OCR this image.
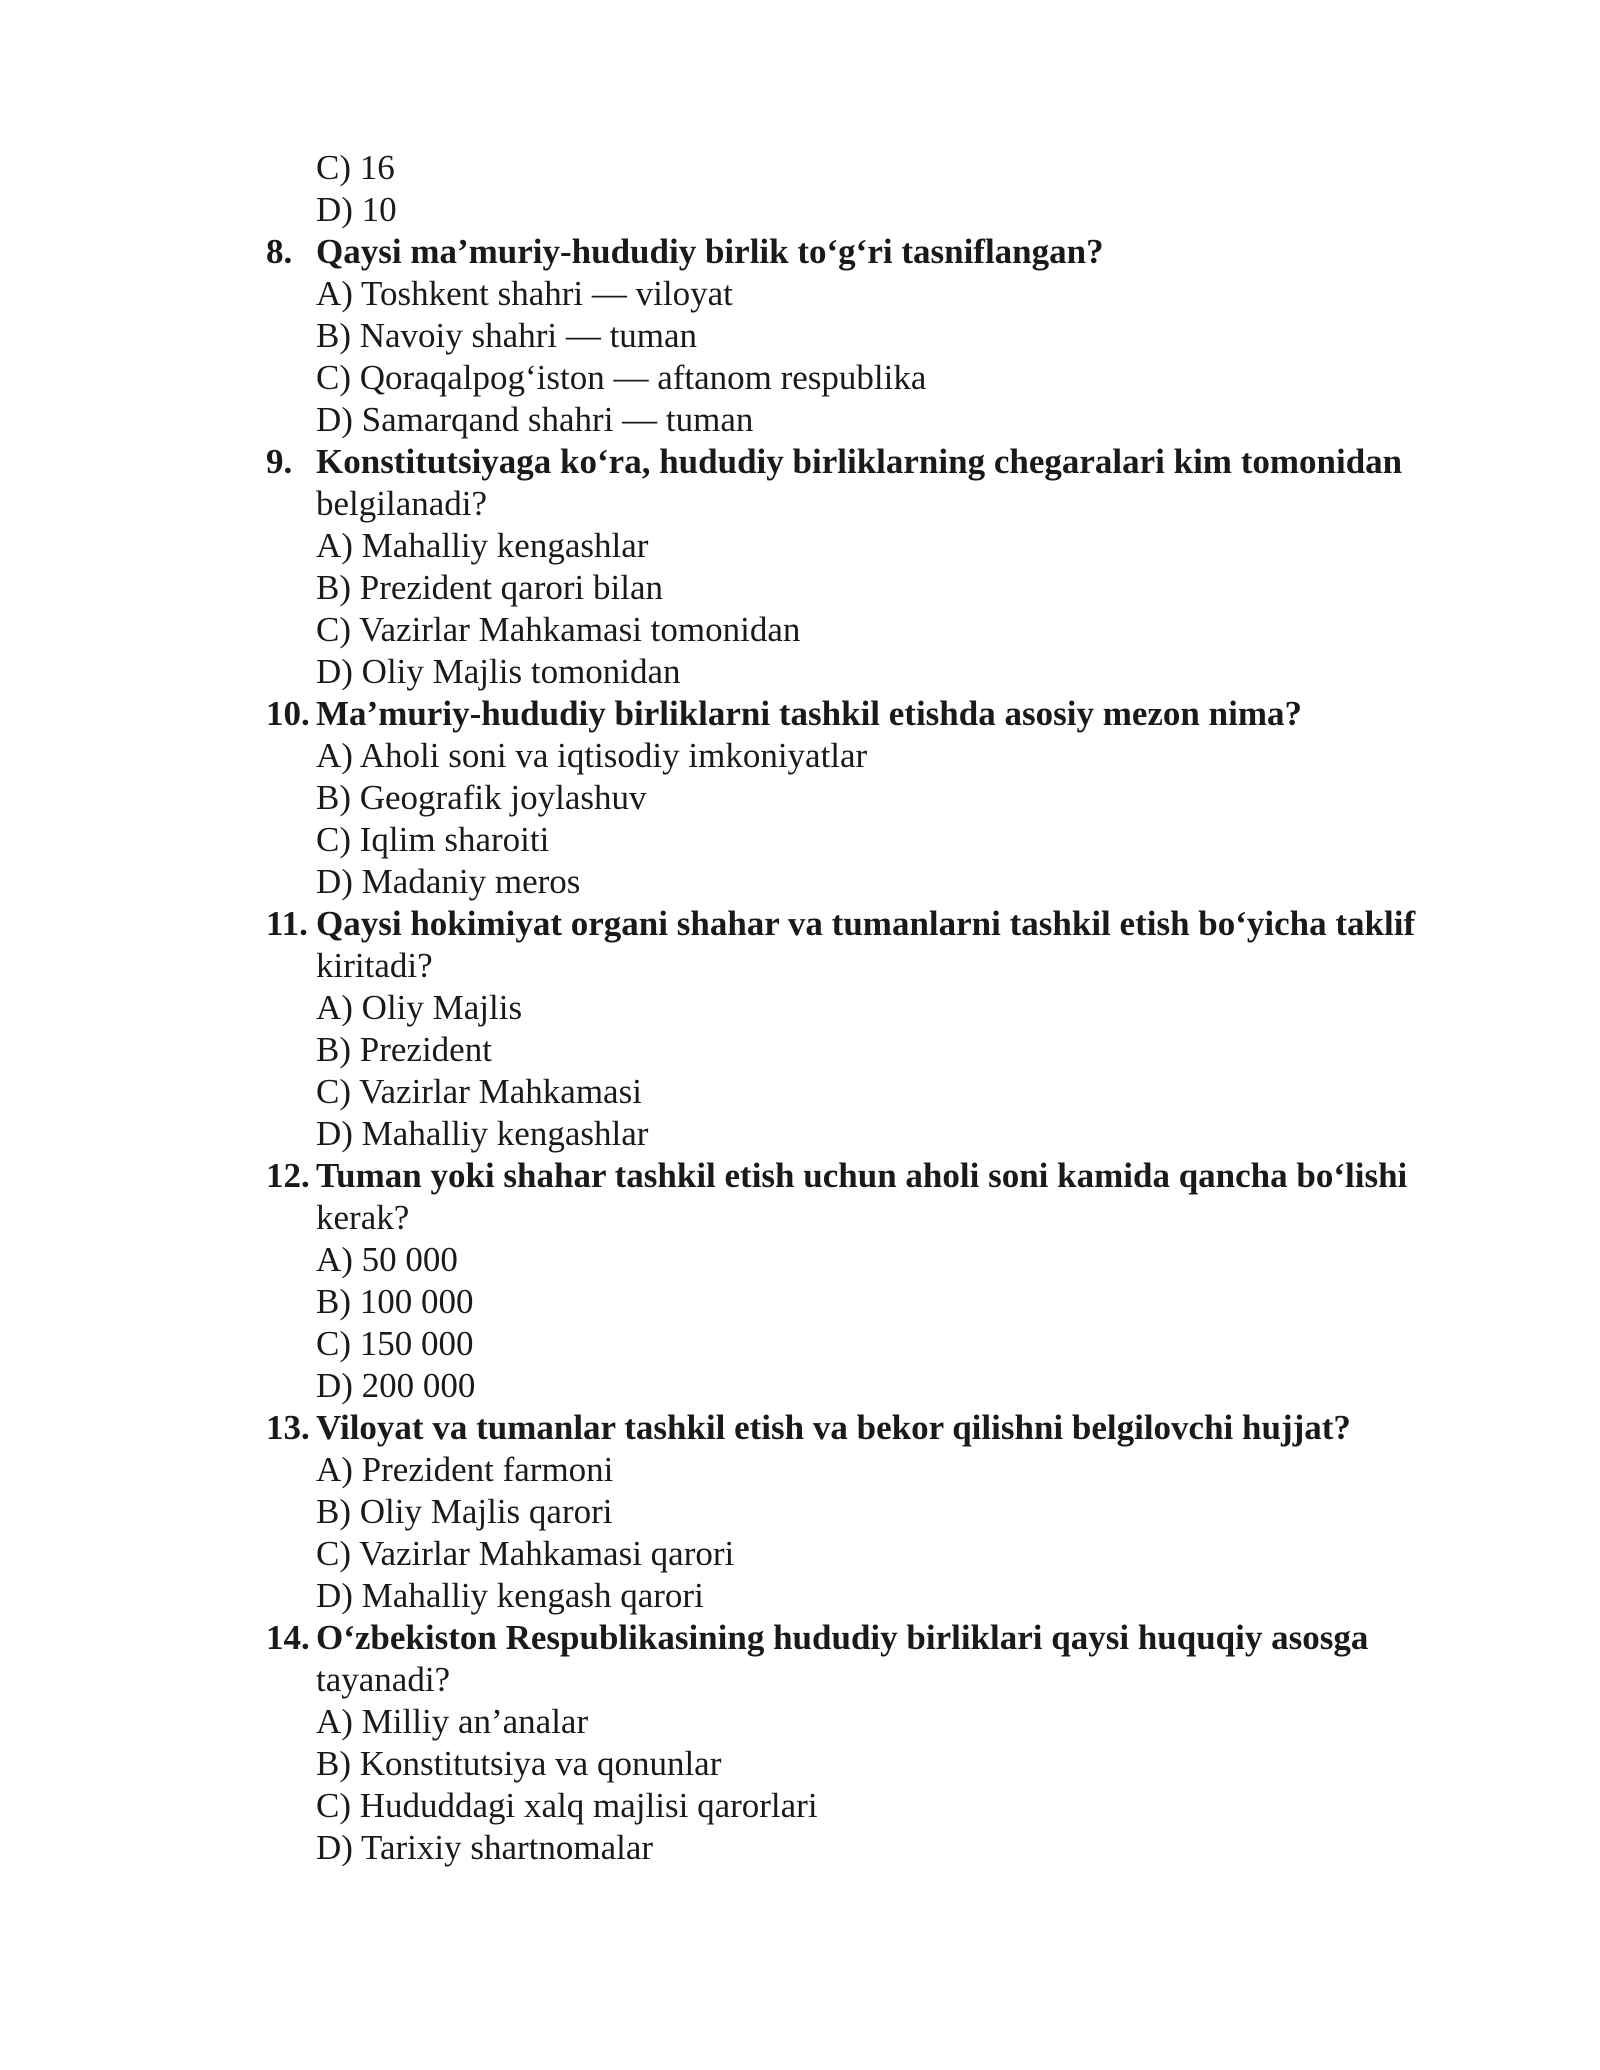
C) 16
D) 10
8. Qaysi ma’muriy-hududiy birlik to‘g‘ri tasniflangan?
A) Toshkent shahri — viloyat
B) Navoiy shahri — tuman
C) Qoraqalpog‘iston — aftanom respublika
D) Samarqand shahri — tuman
9. Konstitutsiyaga ko‘ra, hududiy birliklarning chegaralari kim tomonidan
belgilanadi?
A) Mahalliy kengashlar
B) Prezident qarori bilan
C) Vazirlar Mahkamasi tomonidan
D) Oliy Majlis tomonidan
10. Ma’muriy-hududiy birliklarni tashkil etishda asosiy mezon nima?
A) Aholi soni va iqtisodiy imkoniyatlar
B) Geografik joylashuv
C) Iqlim sharoiti
D) Madaniy meros
11. Qaysi hokimiyat organi shahar va tumanlarni tashkil etish bo‘yicha taklif
kiritadi?
A) Oliy Majlis
B) Prezident
C) Vazirlar Mahkamasi
D) Mahalliy kengashlar
12. Tuman yoki shahar tashkil etish uchun aholi soni kamida qancha bo‘lishi
kerak?
A) 50 000
B) 100 000
C) 150 000
D) 200 000
13. Viloyat va tumanlar tashkil etish va bekor qilishni belgilovchi hujjat?
A) Prezident farmoni
B) Oliy Majlis qarori
C) Vazirlar Mahkamasi qarori
D) Mahalliy kengash qarori
14. O‘zbekiston Respublikasining hududiy birliklari qaysi huquqiy asosga
tayanadi?
A) Milliy an’analar
B) Konstitutsiya va qonunlar
C) Hududdagi xalq majlisi qarorlari
D) Tarixiy shartnomalar
